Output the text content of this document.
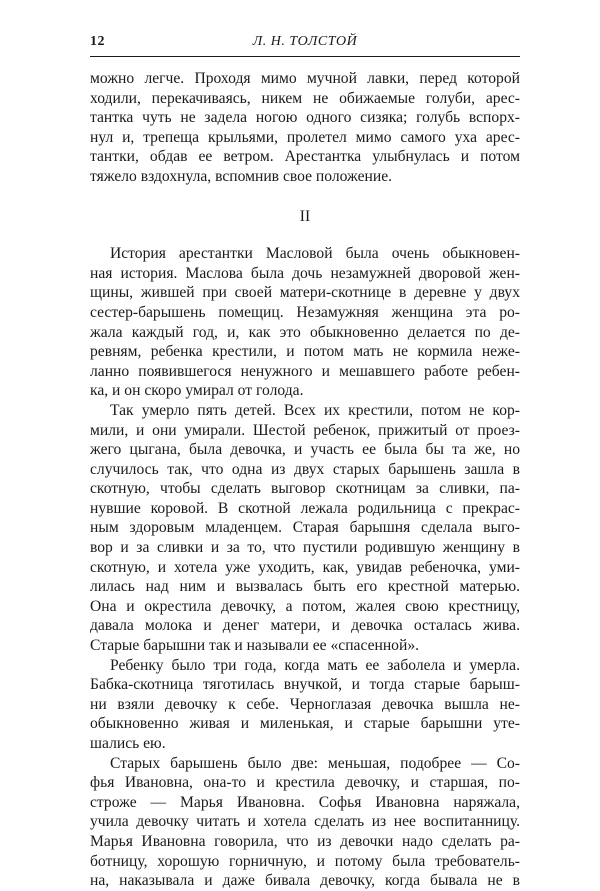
12	Л. Н. ТОЛСТОЙ
можно легче. Проходя мимо мучной лавки, перед которой
ходили, перекачиваясь, никем не обижаемые голуби, арес-
тантка чуть не задела ногою одного сизяка; голубь вспорх-
нул и, трепеща крыльями, пролетел мимо самого уха арес-
тантки, обдав ее ветром. Арестантка улыбнулась и потом
тяжело вздохнула, вспомнив свое положение.
II
История арестантки Масловой была очень обыкновен-
ная история. Маслова была дочь незамужней дворовой жен-
щины, жившей при своей матери-скотнице в деревне у двух
сестер-барышень помещиц. Незамужняя женщина эта ро-
жала каждый год, и, как это обыкновенно делается по де-
ревням, ребенка крестили, и потом мать не кормила нежe-
ланно появившегося ненужного и мешавшего работе ребен-
ка, и он скоро умирал от голода.
Так умерло пять детей. Всех их крестили, потом не кор-
мили, и они умирали. Шестой ребенок, прижитый от проез-
жего цыгана, была девочка, и участь ее была бы та же, но
случилось так, что одна из двух старых барышень зашла в
скотную, чтобы сделать выговор скотницам за сливки, па-
нувшие коровой. В скотной лежала родильница с прекрас-
ным здоровым младенцем. Старая барышня сделала выго-
вор и за сливки и за то, что пустили родившую женщину в
скотную, и хотела уже уходить, как, увидав ребеночка, уми-
лилась над ним и вызвалась быть его крестной матерью.
Она и окрестила девочку, а потом, жалея свою крестницу,
давала молока и денег матери, и девочка осталась жива.
Старые барышни так и называли ее «спасенной».
Ребенку было три года, когда мать ее заболела и умерла.
Бабка-скотница тяготилась внучкой, и тогда старые барыш-
ни взяли девочку к себе. Черноглазая девочка вышла не-
обыкновенно живая и миленькая, и старые барышни уте-
шались ею.
Старых барышень было две: меньшая, подобрее — Со-
фья Ивановна, она-то и крестила девочку, и старшая, по-
строже — Марья Ивановна. Софья Ивановна наряжала,
учила девочку читать и хотела сделать из нее воспитанницу.
Марья Ивановна говорила, что из девочки надо сделать ра-
ботницу, хорошую горничную, и потому была требователь-
на, наказывала и даже бивала девочку, когда бывала не в
